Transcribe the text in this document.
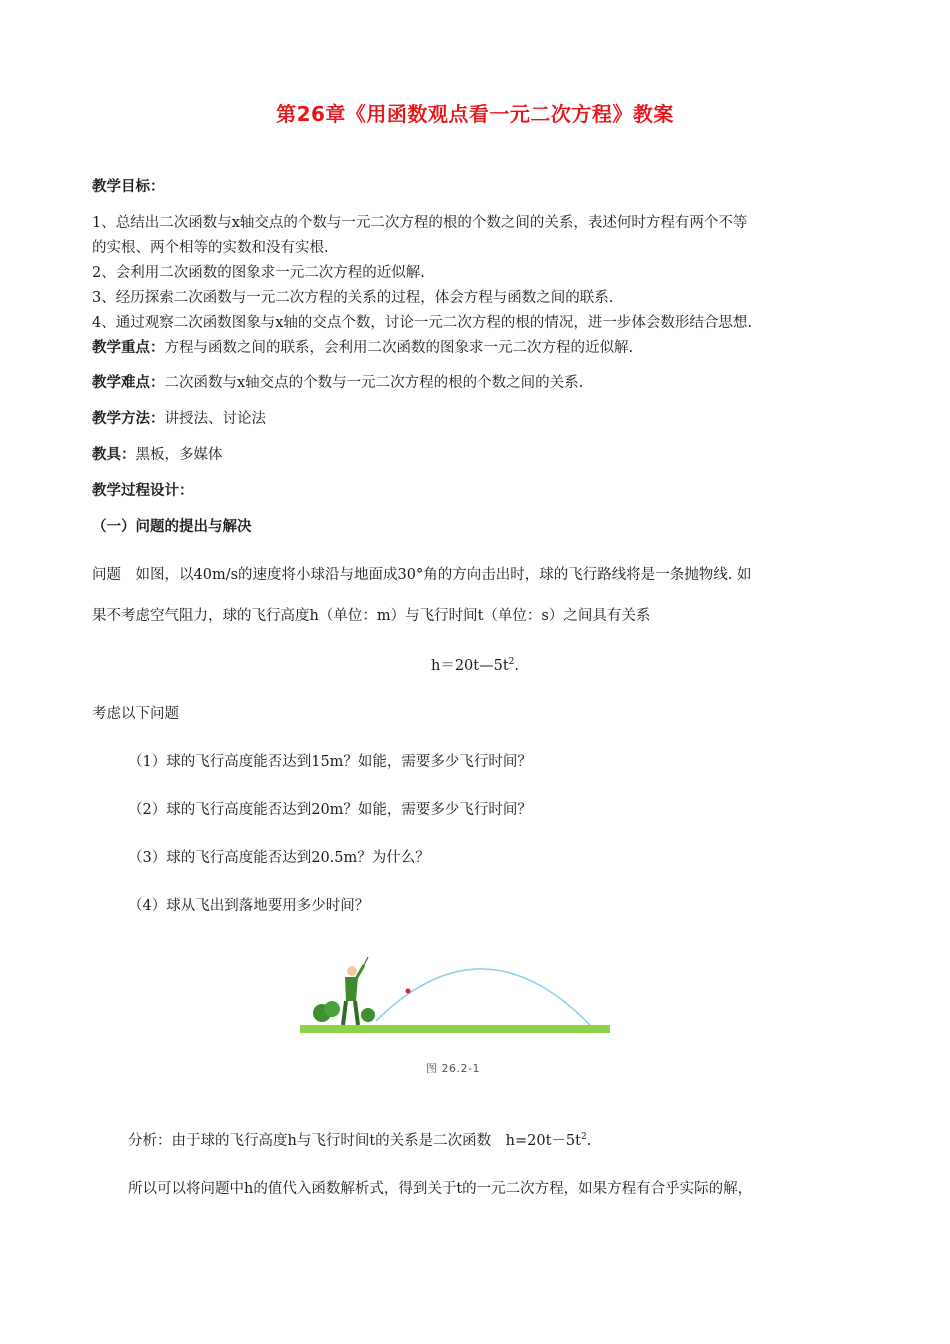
第26章《用函数观点看一元二次方程》教案
教学目标：
1、总结出二次函数与x轴交点的个数与一元二次方程的根的个数之间的关系，表述何时方程有两个不等
的实根、两个相等的实数和没有实根.
2、会利用二次函数的图象求一元二次方程的近似解.
3、经历探索二次函数与一元二次方程的关系的过程，体会方程与函数之间的联系.
4、通过观察二次函数图象与x轴的交点个数，讨论一元二次方程的根的情况，进一步体会数形结合思想.
教学重点：方程与函数之间的联系，会利用二次函数的图象求一元二次方程的近似解.
教学难点：二次函数与x轴交点的个数与一元二次方程的根的个数之间的关系.
教学方法：讲授法、讨论法
教具：黑板，多媒体
教学过程设计：
（一）问题的提出与解决
问题　如图，以40m/s的速度将小球沿与地面成30°角的方向击出时，球的飞行路线将是一条抛物线. 如
果不考虑空气阻力，球的飞行高度h（单位：m）与飞行时间t（单位：s）之间具有关系
$h=20t—5t^2$.
考虑以下问题
（1）球的飞行高度能否达到15m？如能，需要多少飞行时间？
（2）球的飞行高度能否达到20m？如能，需要多少飞行时间？
（3）球的飞行高度能否达到20.5m？为什么？
（4）球从飞出到落地要用多少时间？
图 26.2-1
分析：由于球的飞行高度h与飞行时间t的关系是二次函数　$h=20t-5t^2$.
所以可以将问题中h的值代入函数解析式，得到关于t的一元二次方程，如果方程有合乎实际的解，
